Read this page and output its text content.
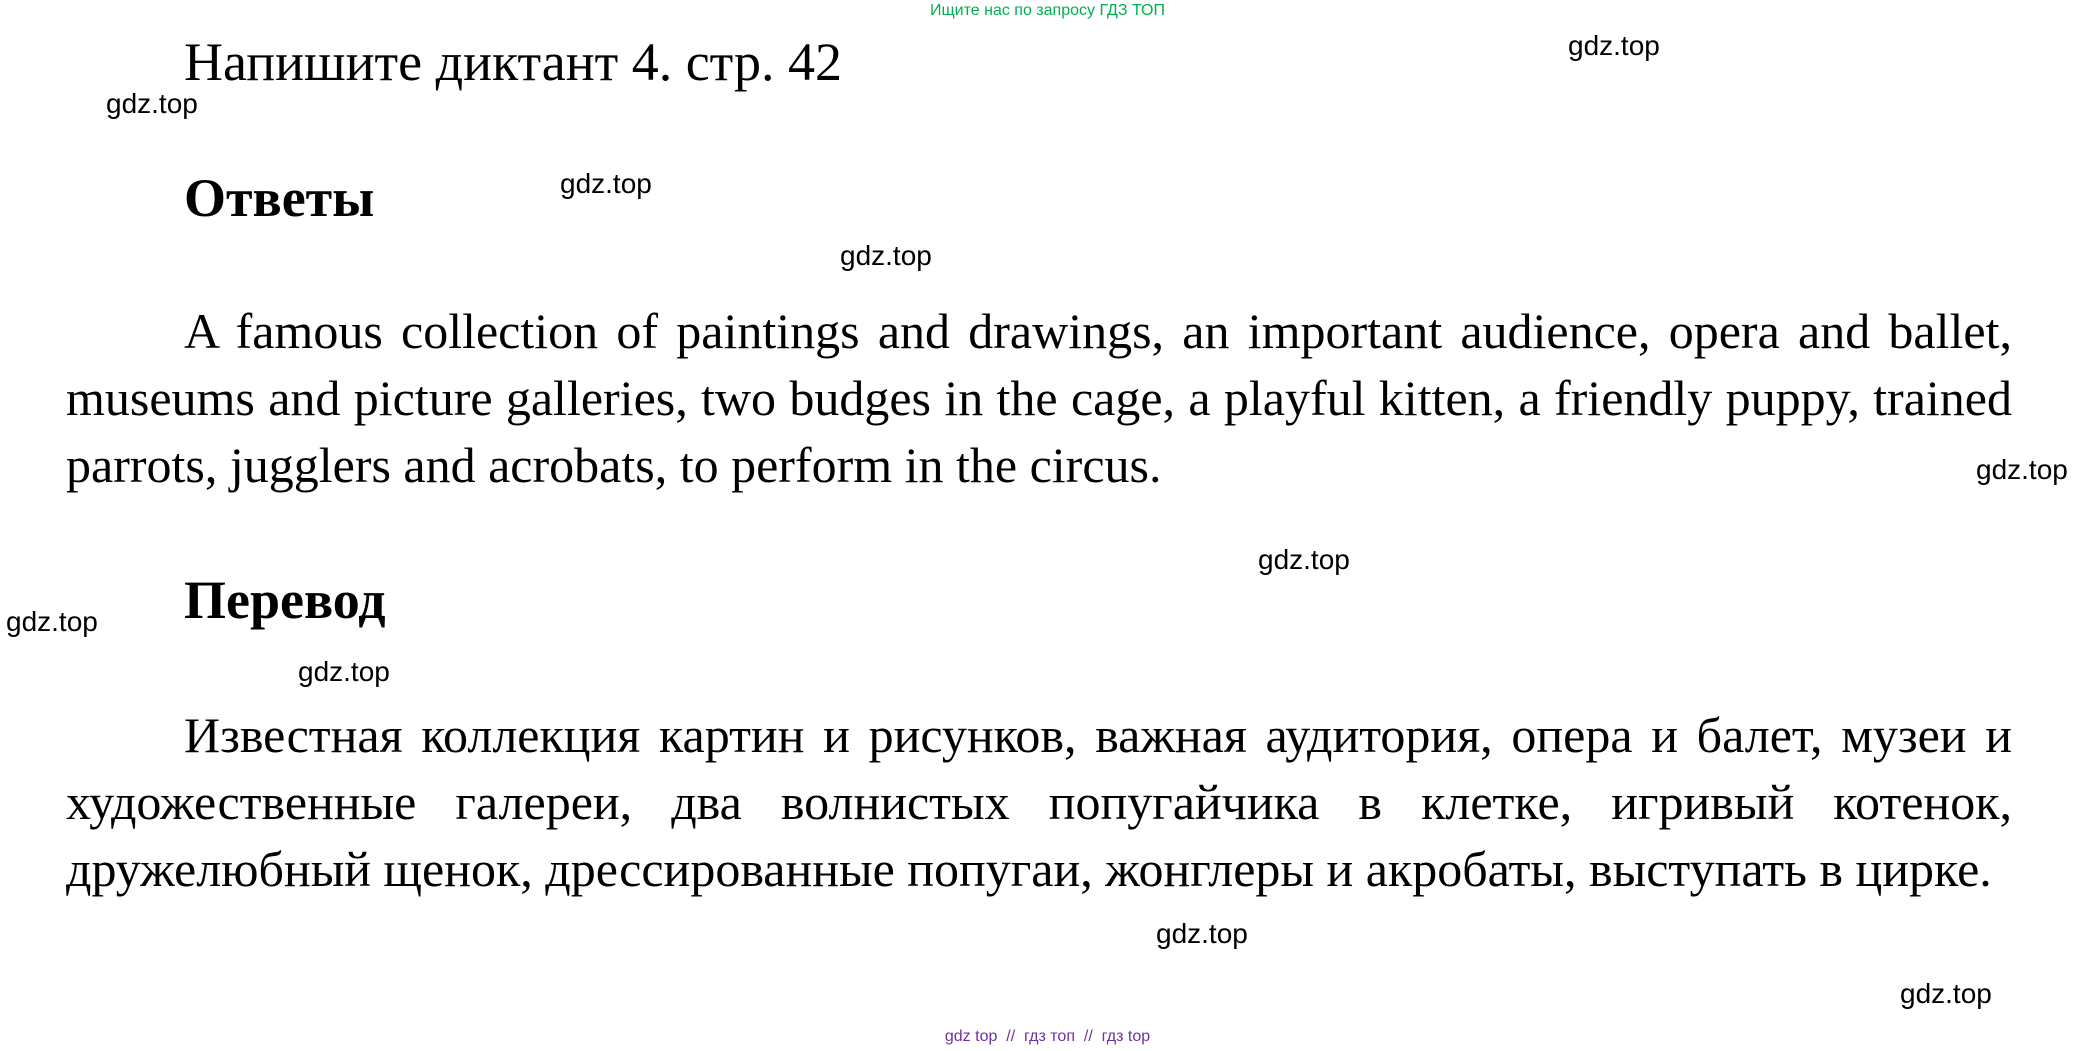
Ищите нас по запросу ГДЗ ТОП
Напишите диктант 4. стр. 42
Ответы

A famous collection of paintings and drawings, an important audience, opera and ballet, museums and picture galleries, two budges in the cage, a playful kitten, a friendly puppy, trained parrots, jugglers and acrobats, to perform in the circus.

Перевод

Известная коллекция картин и рисунков, важная аудитория, опера и балет, музеи и художественные галереи, два волнистых попугайчика в клетке, игривый котенок, дружелюбный щенок, дрессированные попугаи, жонглеры и акробаты, выступать в цирке.

gdz.top
gdz.top
gdz.top
gdz.top
gdz.top
gdz.top
gdz.top
gdz.top
gdz.top
gdz.top
gdz top  //  гдз топ  //  гдз top
